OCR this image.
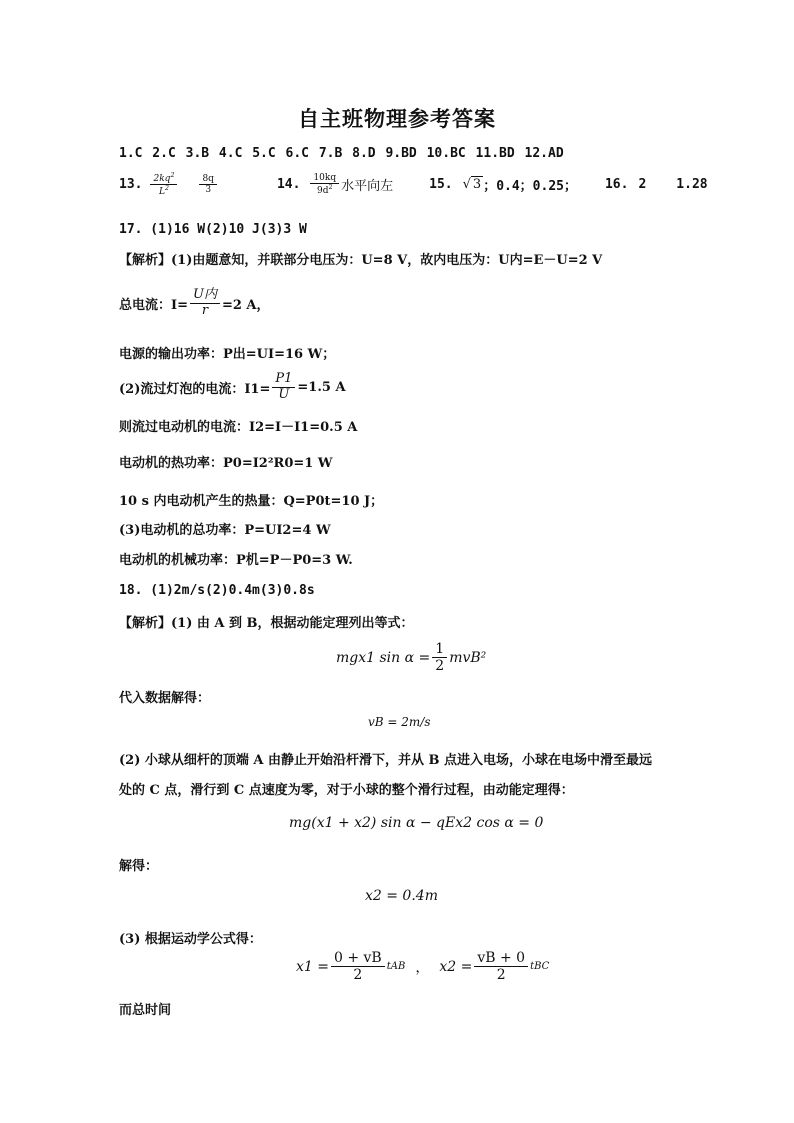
自主班物理参考答案
1.C 2.C 3.B 4.C 5.C 6.C 7.B 8.D 9.BD 10.BC 11.BD 12.AD
13. $\frac{2kq^2}{L^2} \frac{8q}{3}$	14. $\frac{10kq}{9d^2}$ 水平向左	15. √ 3 ；0.4；0.25； 16. 2 1.28
17. (1)16 W(2)10 J(3)3 W
【解析】(1)由题意知，并联部分电压为：U=8 V，故内电压为：U内=E－U=2 V
总电流：$I= \frac{\text{U内}}{r} =2$ A，
电源的输出功率：P出=UI=16 W；
(2)流过灯泡的电流：$I1= \frac{P1}{U} =1.5$ A
则流过电动机的电流：I2=I－I1=0.5 A
电动机的热功率：P0=I2²R0=1 W
10 s 内电动机产生的热量：Q=P0t=10 J；
(3)电动机的总功率：P=UI2=4 W
电动机的机械功率：P机=P－P0=3 W.
18. (1)2m/s(2)0.4m(3)0.8s
【解析】(1) 由 A 到 B，根据动能定理列出等式：
mgx1 $\sin \alpha = \frac{1}{2} mvB^2$
代入数据解得：
vB = 2m/s
(2) 小球从细杆的顶端 A 由静止开始沿杆滑下，并从 B 点进入电场，小球在电场中滑至最远
处的 C 点，滑行到 C 点速度为零，对于小球的整个滑行过程，由动能定理得：
mg(x1 + x2) sin α − qEx2 cos α = 0
解得：
x2 = 0.4m
(3) 根据运动学公式得：
$x1 = \frac{0 + vB}{2}$ tAB ， $x2 = \frac{vB + 0}{2}$ tBC
而总时间
